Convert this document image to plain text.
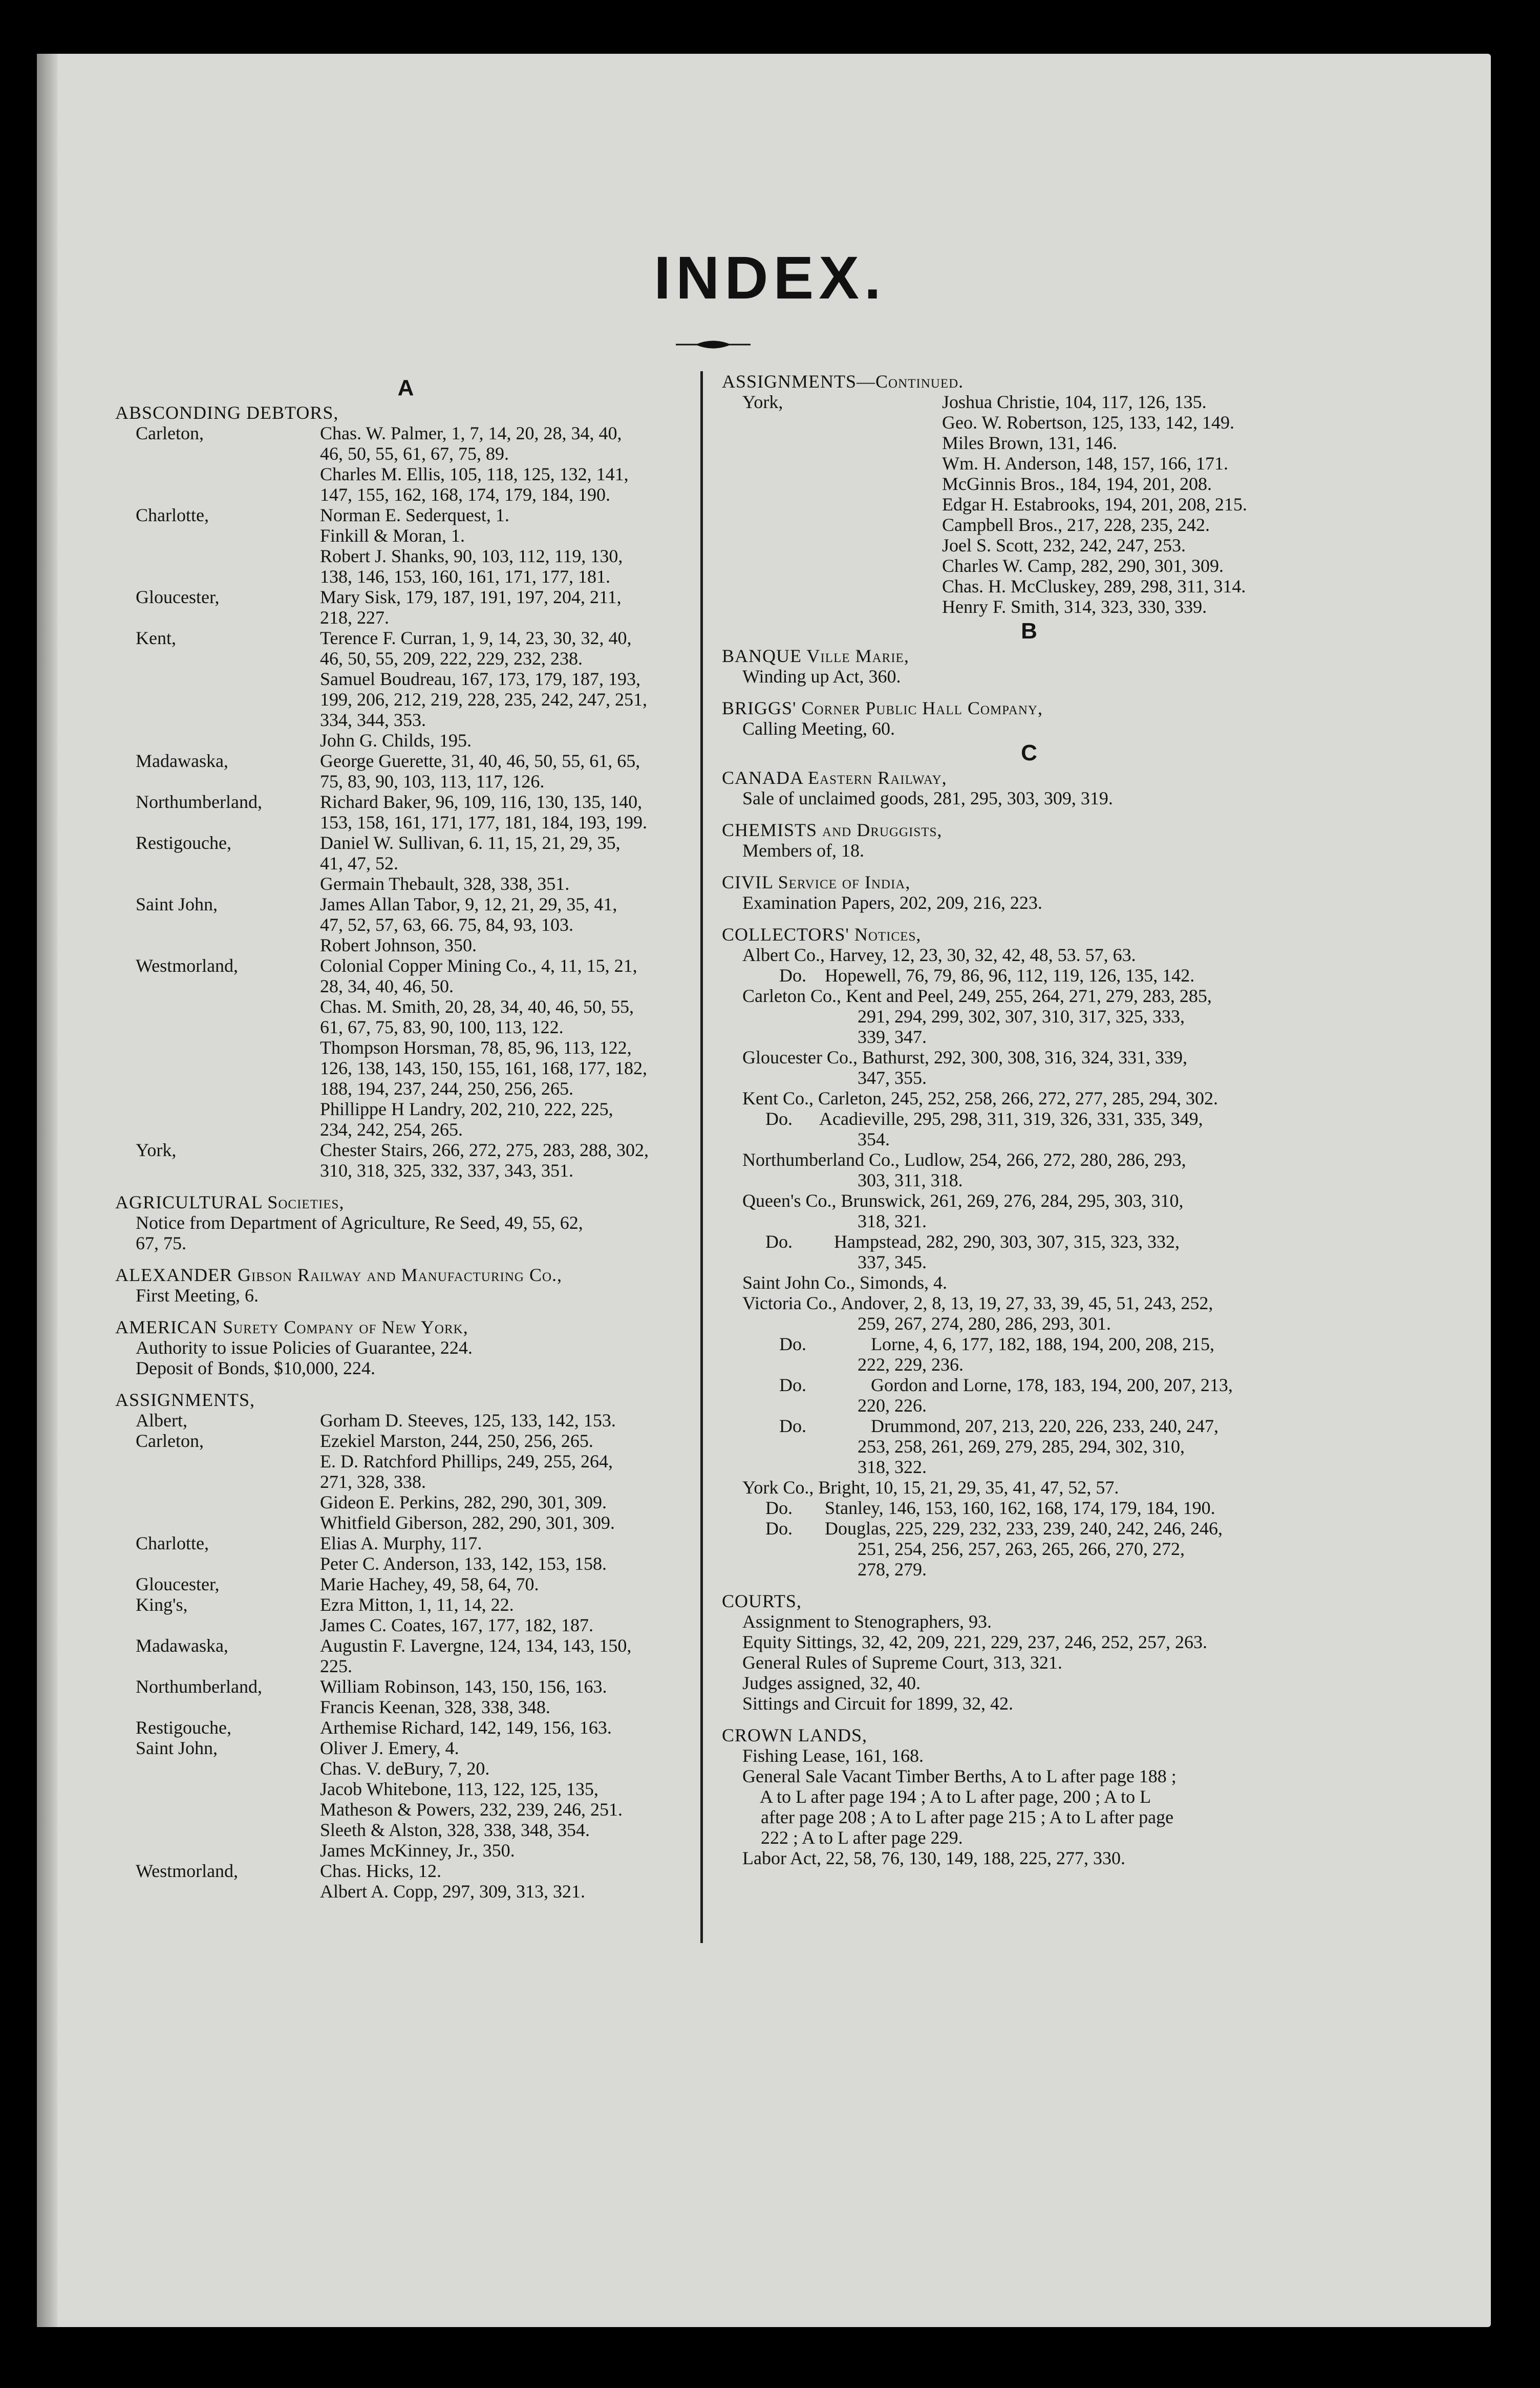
INDEX.
A
ABSCONDING DEBTORS,
Carleton,	Chas. W. Palmer, 1, 7, 14, 20, 28, 34, 40,
46, 50, 55, 61, 67, 75, 89.
Charles M. Ellis, 105, 118, 125, 132, 141,
147, 155, 162, 168, 174, 179, 184, 190.
Charlotte,	Norman E. Sederquest, 1.
Finkill & Moran, 1.
Robert J. Shanks, 90, 103, 112, 119, 130,
138, 146, 153, 160, 161, 171, 177, 181.
Gloucester,	Mary Sisk, 179, 187, 191, 197, 204, 211,
218, 227.
Kent,	Terence F. Curran, 1, 9, 14, 23, 30, 32, 40,
46, 50, 55, 209, 222, 229, 232, 238.
Samuel Boudreau, 167, 173, 179, 187, 193,
199, 206, 212, 219, 228, 235, 242, 247, 251,
334, 344, 353.
John G. Childs, 195.
Madawaska,	George Guerette, 31, 40, 46, 50, 55, 61, 65,
75, 83, 90, 103, 113, 117, 126.
Northumberland,	Richard Baker, 96, 109, 116, 130, 135, 140,
153, 158, 161, 171, 177, 181, 184, 193, 199.
Restigouche,	Daniel W. Sullivan, 6. 11, 15, 21, 29, 35,
41, 47, 52.
Germain Thebault, 328, 338, 351.
Saint John,	James Allan Tabor, 9, 12, 21, 29, 35, 41,
47, 52, 57, 63, 66. 75, 84, 93, 103.
Robert Johnson, 350.
Westmorland,	Colonial Copper Mining Co., 4, 11, 15, 21,
28, 34, 40, 46, 50.
Chas. M. Smith, 20, 28, 34, 40, 46, 50, 55,
61, 67, 75, 83, 90, 100, 113, 122.
Thompson Horsman, 78, 85, 96, 113, 122,
126, 138, 143, 150, 155, 161, 168, 177, 182,
188, 194, 237, 244, 250, 256, 265.
Phillippe H Landry, 202, 210, 222, 225,
234, 242, 254, 265.
York,	Chester Stairs, 266, 272, 275, 283, 288, 302,
310, 318, 325, 332, 337, 343, 351.
AGRICULTURAL Societies,
Notice from Department of Agriculture, Re Seed, 49, 55, 62,
67, 75.
ALEXANDER Gibson Railway and Manufacturing Co.,
First Meeting, 6.
AMERICAN Surety Company of New York,
Authority to issue Policies of Guarantee, 224.
Deposit of Bonds, $10,000, 224.
ASSIGNMENTS,
Albert,	Gorham D. Steeves, 125, 133, 142, 153.
Carleton,	Ezekiel Marston, 244, 250, 256, 265.
E. D. Ratchford Phillips, 249, 255, 264,
271, 328, 338.
Gideon E. Perkins, 282, 290, 301, 309.
Whitfield Giberson, 282, 290, 301, 309.
Charlotte,	Elias A. Murphy, 117.
Peter C. Anderson, 133, 142, 153, 158.
Gloucester,	Marie Hachey, 49, 58, 64, 70.
King's,	Ezra Mitton, 1, 11, 14, 22.
James C. Coates, 167, 177, 182, 187.
Madawaska,	Augustin F. Lavergne, 124, 134, 143, 150,
225.
Northumberland,	William Robinson, 143, 150, 156, 163.
Francis Keenan, 328, 338, 348.
Restigouche,	Arthemise Richard, 142, 149, 156, 163.
Saint John,	Oliver J. Emery, 4.
Chas. V. deBury, 7, 20.
Jacob Whitebone, 113, 122, 125, 135,
Matheson & Powers, 232, 239, 246, 251.
Sleeth & Alston, 328, 338, 348, 354.
James McKinney, Jr., 350.
Westmorland,	Chas. Hicks, 12.
Albert A. Copp, 297, 309, 313, 321.
ASSIGNMENTS—Continued.
York,	Joshua Christie, 104, 117, 126, 135.
Geo. W. Robertson, 125, 133, 142, 149.
Miles Brown, 131, 146.
Wm. H. Anderson, 148, 157, 166, 171.
McGinnis Bros., 184, 194, 201, 208.
Edgar H. Estabrooks, 194, 201, 208, 215.
Campbell Bros., 217, 228, 235, 242.
Joel S. Scott, 232, 242, 247, 253.
Charles W. Camp, 282, 290, 301, 309.
Chas. H. McCluskey, 289, 298, 311, 314.
Henry F. Smith, 314, 323, 330, 339.
B
BANQUE Ville Marie,
Winding up Act, 360.
BRIGGS' Corner Public Hall Company,
Calling Meeting, 60.
C
CANADA Eastern Railway,
Sale of unclaimed goods, 281, 295, 303, 309, 319.
CHEMISTS and Druggists,
Members of, 18.
CIVIL Service of India,
Examination Papers, 202, 209, 216, 223.
COLLECTORS' Notices,
Albert Co., Harvey, 12, 23, 30, 32, 42, 48, 53. 57, 63.
Do.    Hopewell, 76, 79, 86, 96, 112, 119, 126, 135, 142.
Carleton Co., Kent and Peel, 249, 255, 264, 271, 279, 283, 285,
291, 294, 299, 302, 307, 310, 317, 325, 333,
339, 347.
Gloucester Co., Bathurst, 292, 300, 308, 316, 324, 331, 339,
347, 355.
Kent Co., Carleton, 245, 252, 258, 266, 272, 277, 285, 294, 302.
Do.      Acadieville, 295, 298, 311, 319, 326, 331, 335, 349,
354.
Northumberland Co., Ludlow, 254, 266, 272, 280, 286, 293,
303, 311, 318.
Queen's Co., Brunswick, 261, 269, 276, 284, 295, 303, 310,
318, 321.
Do.         Hampstead, 282, 290, 303, 307, 315, 323, 332,
337, 345.
Saint John Co., Simonds, 4.
Victoria Co., Andover, 2, 8, 13, 19, 27, 33, 39, 45, 51, 243, 252,
259, 267, 274, 280, 286, 293, 301.
Do.              Lorne, 4, 6, 177, 182, 188, 194, 200, 208, 215,
222, 229, 236.
Do.              Gordon and Lorne, 178, 183, 194, 200, 207, 213,
220, 226.
Do.              Drummond, 207, 213, 220, 226, 233, 240, 247,
253, 258, 261, 269, 279, 285, 294, 302, 310,
318, 322.
York Co., Bright, 10, 15, 21, 29, 35, 41, 47, 52, 57.
Do.       Stanley, 146, 153, 160, 162, 168, 174, 179, 184, 190.
Do.       Douglas, 225, 229, 232, 233, 239, 240, 242, 246, 246,
251, 254, 256, 257, 263, 265, 266, 270, 272,
278, 279.
COURTS,
Assignment to Stenographers, 93.
Equity Sittings, 32, 42, 209, 221, 229, 237, 246, 252, 257, 263.
General Rules of Supreme Court, 313, 321.
Judges assigned, 32, 40.
Sittings and Circuit for 1899, 32, 42.
CROWN LANDS,
Fishing Lease, 161, 168.
General Sale Vacant Timber Berths, A to L after page 188 ;
A to L after page 194 ; A to L after page, 200 ; A to L
after page 208 ; A to L after page 215 ; A to L after page
222 ; A to L after page 229.
Labor Act, 22, 58, 76, 130, 149, 188, 225, 277, 330.
